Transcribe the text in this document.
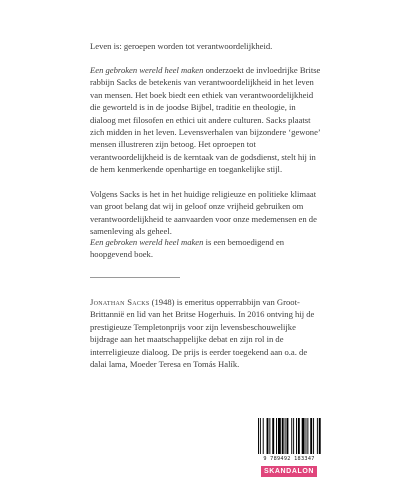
Leven is: geroepen worden tot verantwoordelijkheid.

Een gebroken wereld heel maken onderzoekt de invloedrijke Britse rabbijn Sacks de betekenis van verantwoordelijkheid in het leven van mensen. Het boek biedt een ethiek van verantwoordelijkheid die geworteld is in de joodse Bijbel, traditie en theologie, in dialoog met filosofen en ethici uit andere culturen. Sacks plaatst zich midden in het leven. Levensverhalen van bijzondere ‘gewone’ mensen illustreren zijn betoog. Het oproepen tot verantwoordelijkheid is de kerntaak van de godsdienst, stelt hij in de hem kenmerkende openhartige en toegankelijke stijl.

Volgens Sacks is het in het huidige religieuze en politieke klimaat van groot belang dat wij in geloof onze vrijheid gebruiken om verantwoordelijkheid te aanvaarden voor onze medemensen en de samenleving als geheel.

Een gebroken wereld heel maken is een bemoedigend en hoopgevend boek.

Jonathan Sacks (1948) is emeritus opperrabbijn van Groot-Brittannië en lid van het Britse Hogerhuis. In 2016 ontving hij de prestigieuze Templetonprijs voor zijn levensbeschouwelijke bijdrage aan het maatschappelijke debat en zijn rol in de interreligieuze dialoog. De prijs is eerder toegekend aan o.a. de dalai lama, Moeder Teresa en Tomás Halík.

9 789492 183347
SKANDALON
